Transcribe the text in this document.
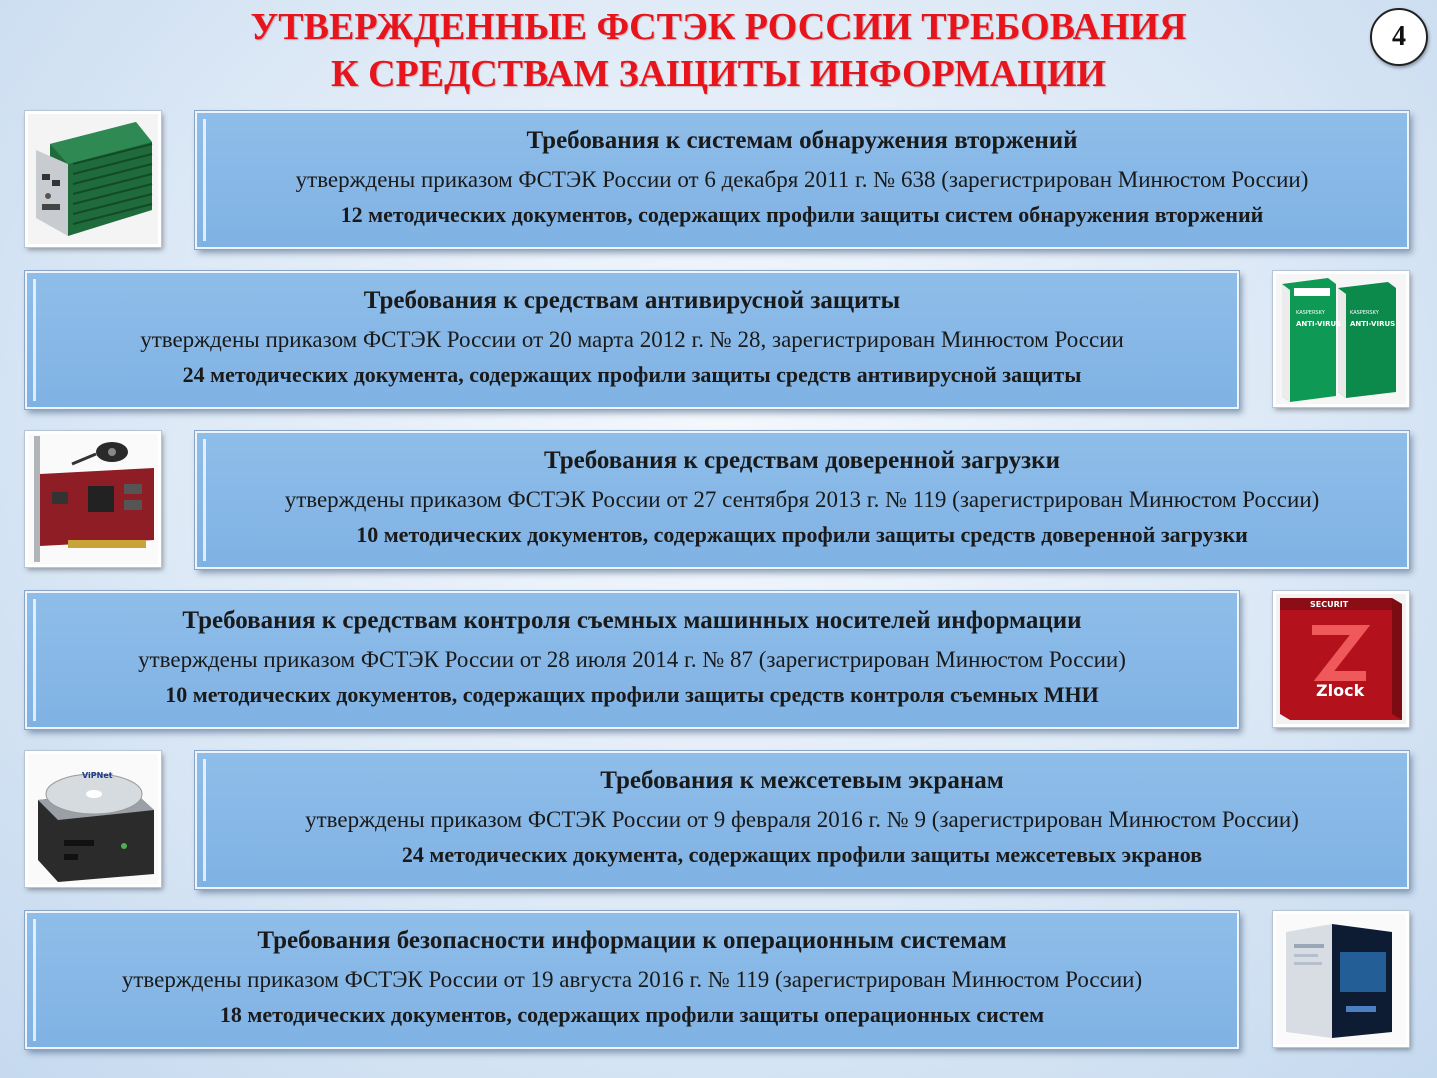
УТВЕРЖДЕННЫЕ ФСТЭК РОССИИ ТРЕБОВАНИЯ
К СРЕДСТВАМ ЗАЩИТЫ ИНФОРМАЦИИ
4
Требования к системам обнаружения вторжений
утверждены приказом ФСТЭК России от 6 декабря 2011 г. № 638 (зарегистрирован Минюстом России)
12 методических документов, содержащих профили защиты систем обнаружения вторжений
Требования к средствам антивирусной защиты
утверждены приказом ФСТЭК России от 20 марта 2012 г. № 28, зарегистрирован Минюстом России
24 методических документа, содержащих профили защиты средств антивирусной защиты
KASPERSKY
ANTI-VIRUS
KASPERSKY
ANTI-VIRUS
Требования к средствам доверенной загрузки
утверждены приказом ФСТЭК России от 27 сентября 2013 г. № 119 (зарегистрирован Минюстом России)
10 методических документов, содержащих профили защиты средств доверенной загрузки
Требования к средствам контроля съемных машинных носителей информации
утверждены приказом ФСТЭК России от 28 июля 2014 г. № 87 (зарегистрирован Минюстом России)
10 методических документов, содержащих профили защиты средств контроля съемных МНИ
SECURIT
Zlock
ViPNet	Требования к межсетевым экранам
утверждены приказом ФСТЭК России от 9 февраля 2016 г. № 9 (зарегистрирован Минюстом России)
24 методических документа, содержащих профили защиты межсетевых экранов
Требования безопасности информации к операционным системам
утверждены приказом ФСТЭК России от 19 августа 2016 г. № 119 (зарегистрирован Минюстом России)
18 методических документов, содержащих профили защиты операционных систем
